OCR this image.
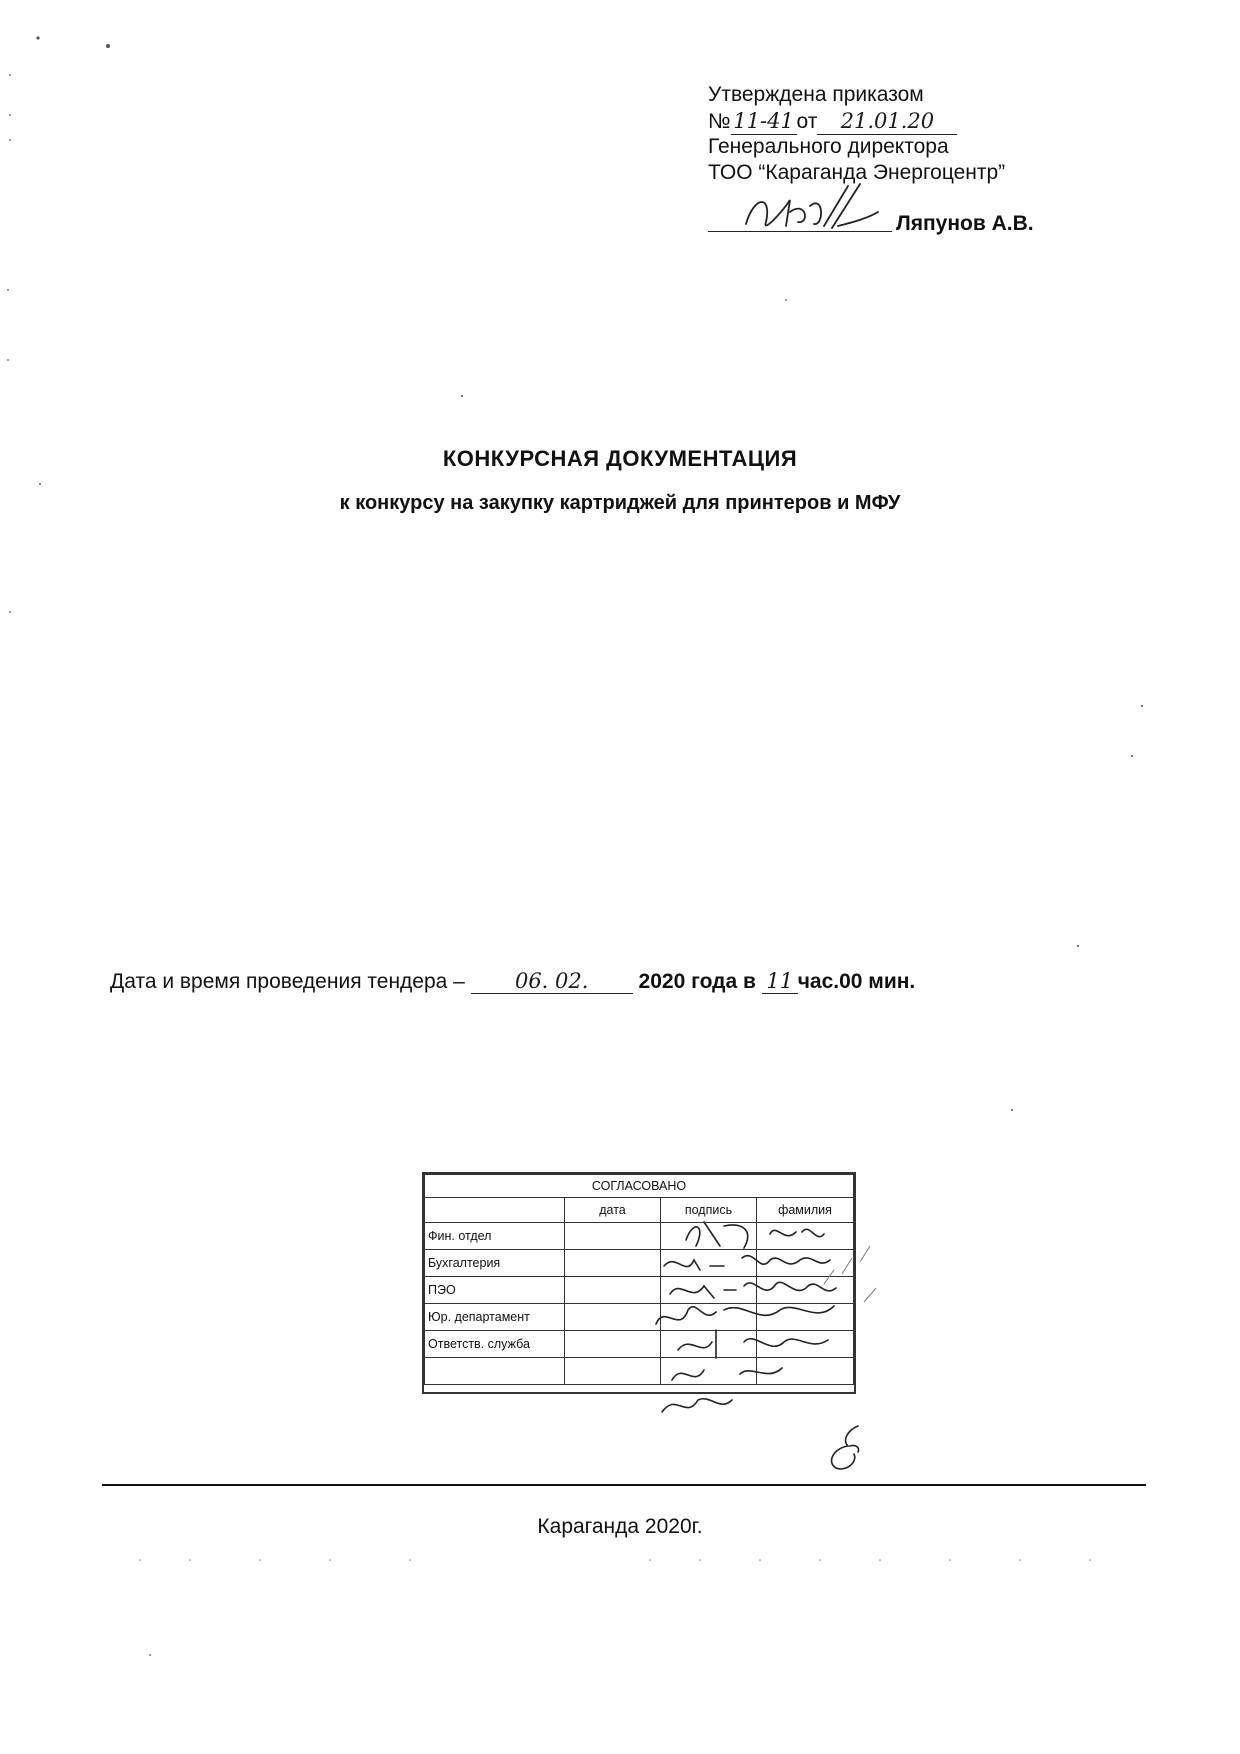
Утверждена приказом
№ 11-41 от 21.01.20
Генерального директора
ТОО “Караганда Энергоцентр”
Ляпунов А.В.
КОНКУРСНАЯ ДОКУМЕНТАЦИЯ
к конкурсу на закупку картриджей для принтеров и МФУ
Дата и время проведения тендера – 06. 02. 2020 года в 11 час.00 мин.
СОГЛАСОВАНО			
	дата	подпись	фамилия
Фин. отдел			
Бухгалтерия			
ПЭО			
Юр. департамент			
Ответств. служба			

Караганда 2020г.
